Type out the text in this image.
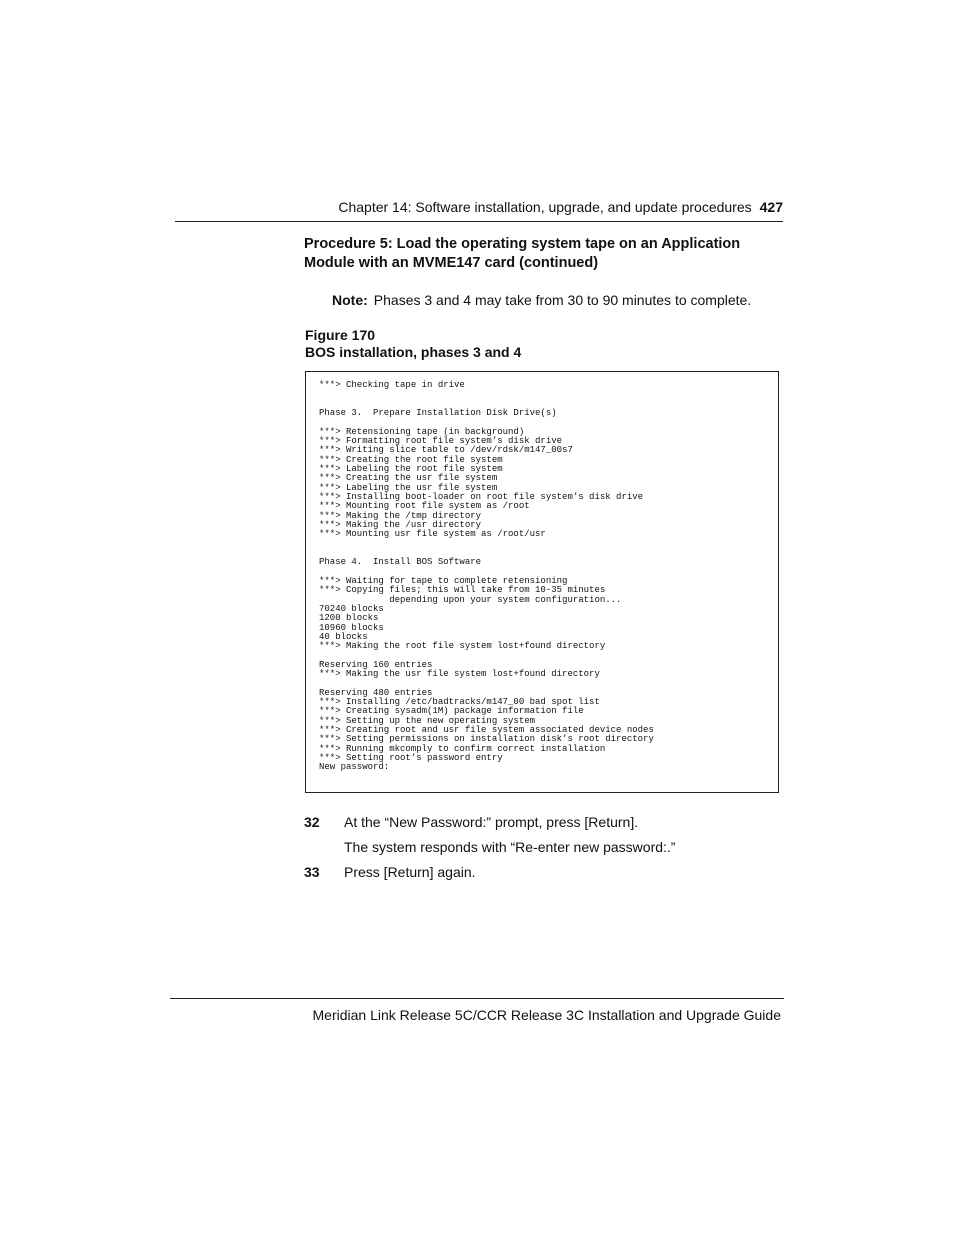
Chapter 14: Software installation, upgrade, and update procedures 427
Procedure 5: Load the operating system tape on an Application Module with an MVME147 card (continued)
Note: Phases 3 and 4 may take from 30 to 90 minutes to complete.
Figure 170
BOS installation, phases 3 and 4
***> Checking tape in drive

Phase 3.  Prepare Installation Disk Drive(s)

***> Retensioning tape (in background)
***> Formatting root file system’s disk drive
***> Writing slice table to /dev/rdsk/m147_00s7
***> Creating the root file system
***> Labeling the root file system
***> Creating the usr file system
***> Labeling the usr file system
***> Installing boot-loader on root file system’s disk drive
***> Mounting root file system as /root
***> Making the /tmp directory
***> Making the /usr directory
***> Mounting usr file system as /root/usr

Phase 4.  Install BOS Software

***> Waiting for tape to complete retensioning
***> Copying files; this will take from 10-35 minutes
depending upon your system configuration...
70240 blocks
1200 blocks
10960 blocks
40 blocks
***> Making the root file system lost+found directory

Reserving 160 entries
***> Making the usr file system lost+found directory

Reserving 480 entries
***> Installing /etc/badtracks/m147_00 bad spot list
***> Creating sysadm(1M) package information file
***> Setting up the new operating system
***> Creating root and usr file system associated device nodes
***> Setting permissions on installation disk’s root directory
***> Running mkcomply to confirm correct installation
***> Setting root’s password entry
New password:
32 At the “New Password:” prompt, press [Return].
The system responds with “Re-enter new password:.”
33 Press [Return] again.
Meridian Link Release 5C/CCR Release 3C Installation and Upgrade Guide
